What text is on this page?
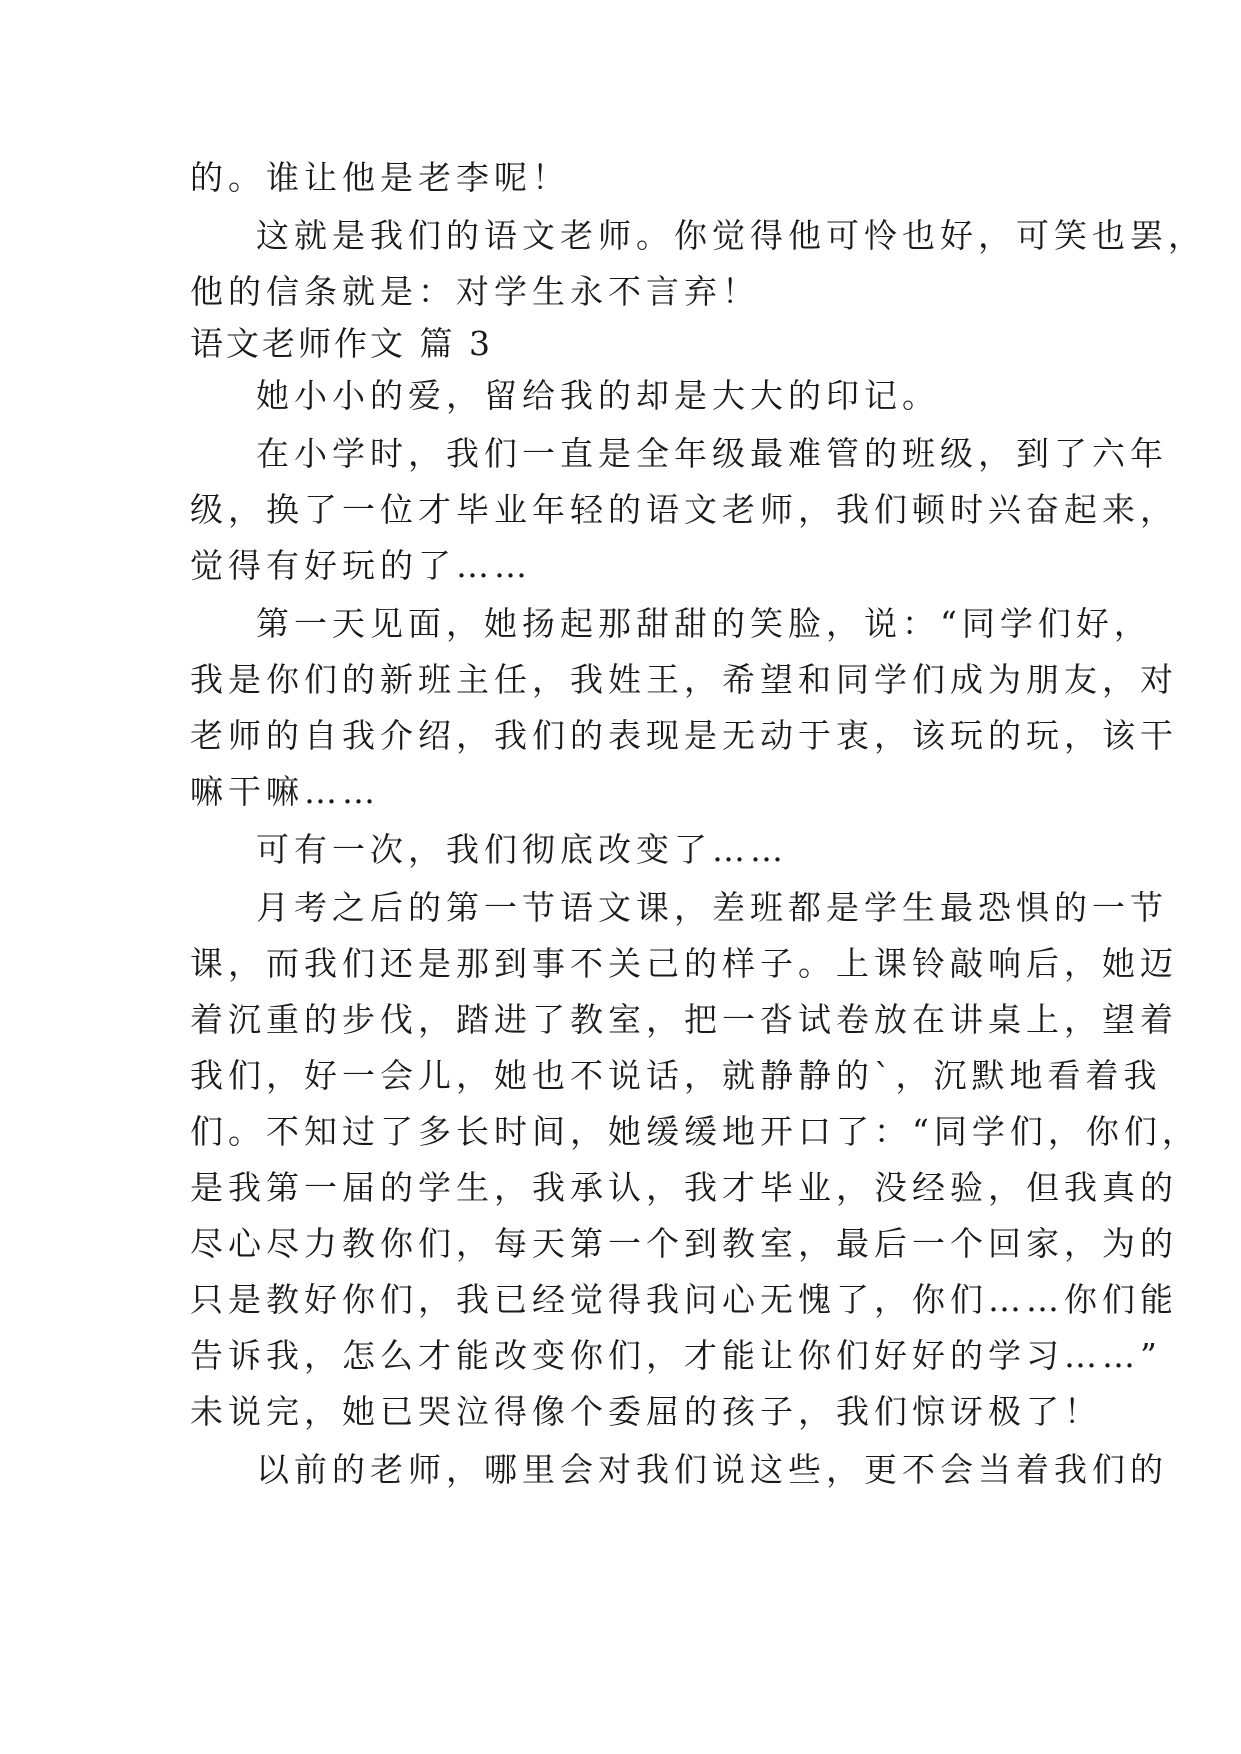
的。谁让他是老李呢！
这就是我们的语文老师。你觉得他可怜也好，可笑也罢，
他的信条就是：对学生永不言弃！
语文老师作文 篇 3
她小小的爱，留给我的却是大大的印记。
在小学时，我们一直是全年级最难管的班级，到了六年
级，换了一位才毕业年轻的语文老师，我们顿时兴奋起来，
觉得有好玩的了……
第一天见面，她扬起那甜甜的笑脸，说：“同学们好，
我是你们的新班主任，我姓王，希望和同学们成为朋友，对
老师的自我介绍，我们的表现是无动于衷，该玩的玩，该干
嘛干嘛……
可有一次，我们彻底改变了……
月考之后的第一节语文课，差班都是学生最恐惧的一节
课，而我们还是那到事不关己的样子。上课铃敲响后，她迈
着沉重的步伐，踏进了教室，把一沓试卷放在讲桌上，望着
我们，好一会儿，她也不说话，就静静的`，沉默地看着我
们。不知过了多长时间，她缓缓地开口了：“同学们，你们，
是我第一届的学生，我承认，我才毕业，没经验，但我真的
尽心尽力教你们，每天第一个到教室，最后一个回家，为的
只是教好你们，我已经觉得我问心无愧了，你们……你们能
告诉我，怎么才能改变你们，才能让你们好好的学习……”
未说完，她已哭泣得像个委屈的孩子，我们惊讶极了！
以前的老师，哪里会对我们说这些，更不会当着我们的
